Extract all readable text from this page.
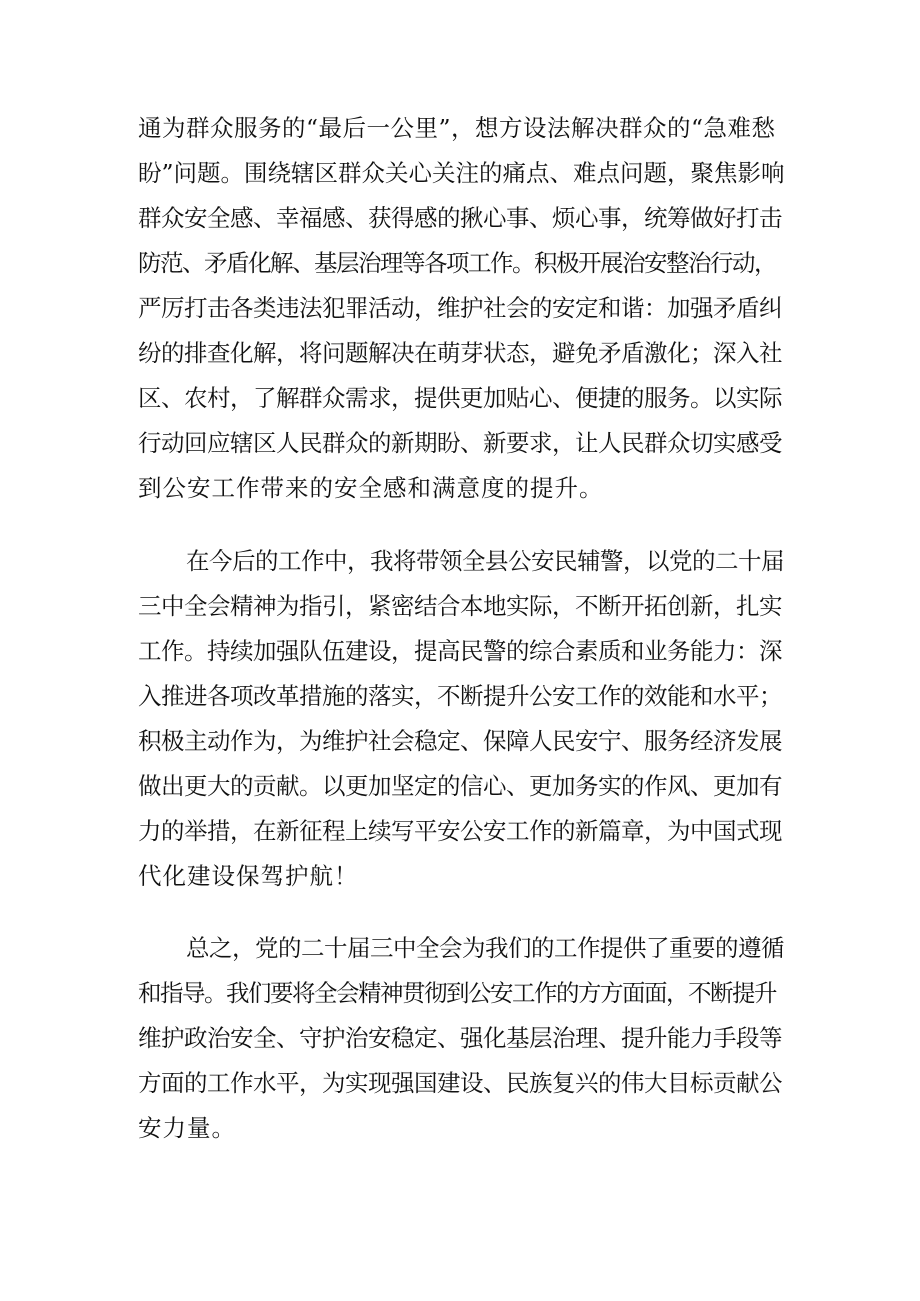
通为群众服务的“最后一公里”，想方设法解决群众的“急难愁
盼”问题。围绕辖区群众关心关注的痛点、难点问题，聚焦影响
群众安全感、幸福感、获得感的揪心事、烦心事，统筹做好打击
防范、矛盾化解、基层治理等各项工作。积极开展治安整治行动，
严厉打击各类违法犯罪活动，维护社会的安定和谐：加强矛盾纠
纷的排查化解，将问题解决在萌芽状态，避免矛盾激化；深入社
区、农村，了解群众需求，提供更加贴心、便捷的服务。以实际
行动回应辖区人民群众的新期盼、新要求，让人民群众切实感受
到公安工作带来的安全感和满意度的提升。
在今后的工作中，我将带领全县公安民辅警，以党的二十届
三中全会精神为指引，紧密结合本地实际，不断开拓创新，扎实
工作。持续加强队伍建设，提高民警的综合素质和业务能力：深
入推进各项改革措施的落实，不断提升公安工作的效能和水平；
积极主动作为，为维护社会稳定、保障人民安宁、服务经济发展
做出更大的贡献。以更加坚定的信心、更加务实的作风、更加有
力的举措，在新征程上续写平安公安工作的新篇章，为中国式现
代化建设保驾护航！
总之，党的二十届三中全会为我们的工作提供了重要的遵循
和指导。我们要将全会精神贯彻到公安工作的方方面面，不断提升
维护政治安全、守护治安稳定、强化基层治理、提升能力手段等
方面的工作水平，为实现强国建设、民族复兴的伟大目标贡献公
安力量。
